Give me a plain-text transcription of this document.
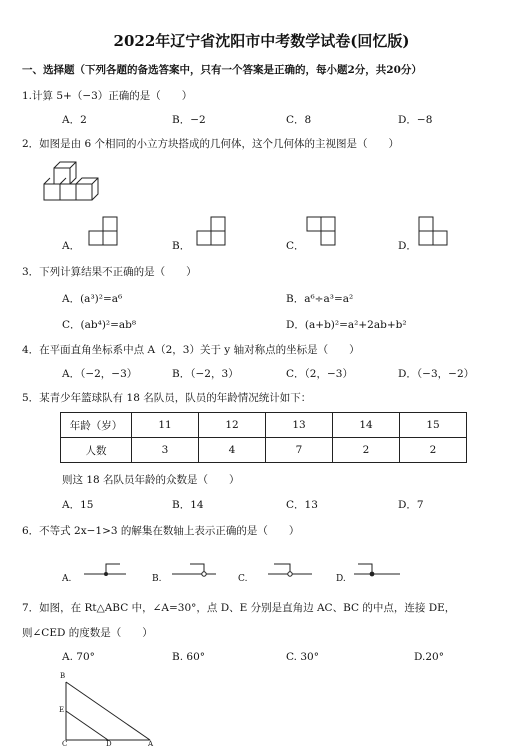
2022年辽宁省沈阳市中考数学试卷(回忆版)
一、选择题（下列各题的备选答案中，只有一个答案是正确的，每小题2分，共20分）
1.计算 5+（−3）正确的是（　　）
A．2	B．−2	C．8	D．−8
2．如图是由 6 个相同的小立方块搭成的几何体，这个几何体的主视图是（　　）
A．	B．	C．	D．
3．下列计算结果不正确的是（　　）
A．(a³)²=a⁶	B．a⁶÷a³=a²
C．(ab⁴)²=ab⁸	D．(a+b)²=a²+2ab+b²
4．在平面直角坐标系中点 A（2，3）关于 y 轴对称点的坐标是（　　）
A．（−2，−3）	B．（−2，3）	C．（2，−3）	D．（−3，−2）
5．某青少年篮球队有 18 名队员，队员的年龄情况统计如下：
年龄（岁）	11	12	13	14	15
人数	3	4	7	2	2
则这 18 名队员年龄的众数是（　　）
A．15	B．14	C．13	D．7
6．不等式 2x−1>3 的解集在数轴上表示正确的是（　　）
A.	B.	C.	D.
7．如图，在 Rt△ABC 中，∠A=30°，点 D、E 分别是直角边 AC、BC 的中点，连接 DE，
则∠CED 的度数是（　　）
A. 70°	B. 60°	C. 30°	D.20°
B
E
C	D	A
